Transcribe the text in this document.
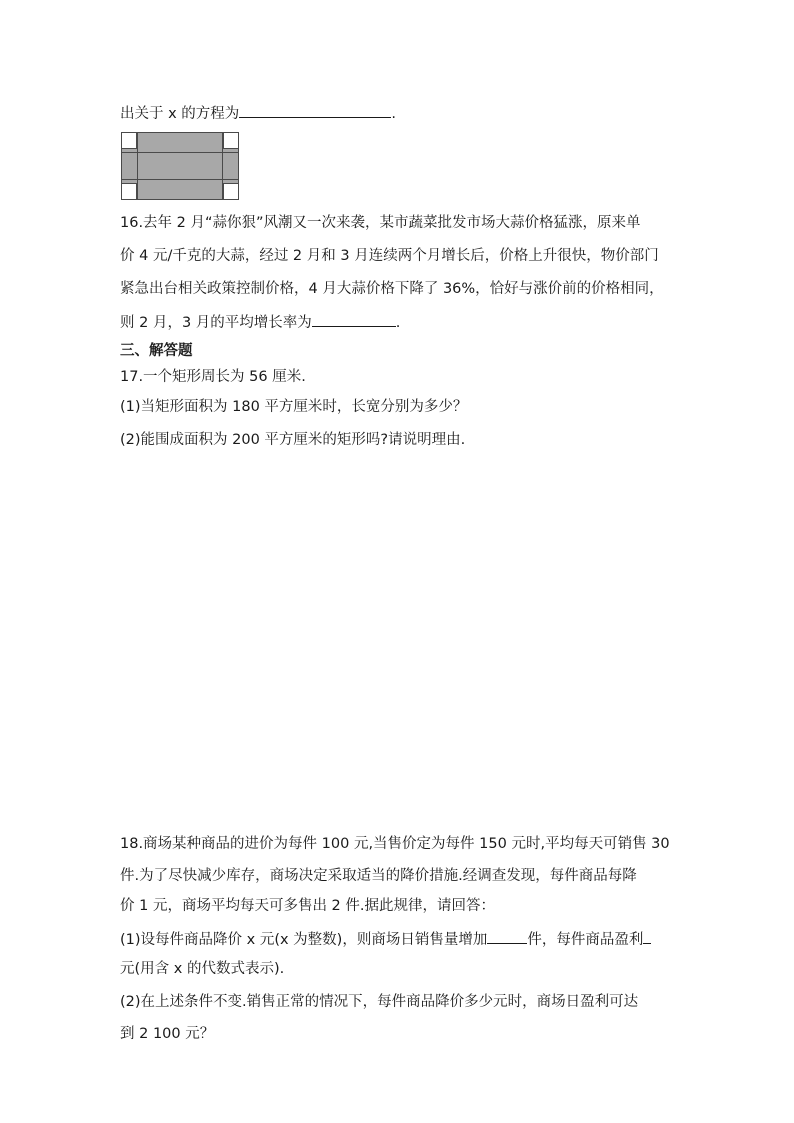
出关于 x 的方程为	.
16.去年 2 月“蒜你狠”风潮又一次来袭，某市蔬菜批发市场大蒜价格猛涨，原来单
价 4 元/千克的大蒜，经过 2 月和 3 月连续两个月增长后，价格上升很快，物价部门
紧急出台相关政策控制价格，4 月大蒜价格下降了 36%，恰好与涨价前的价格相同，
则 2 月，3 月的平均增长率为	.
三、解答题
17.一个矩形周长为 56 厘米.
(1)当矩形面积为 180 平方厘米时，长宽分别为多少？
(2)能围成面积为 200 平方厘米的矩形吗?请说明理由.
18.商场某种商品的进价为每件 100 元,当售价定为每件 150 元时,平均每天可销售 30
件.为了尽快减少库存，商场决定采取适当的降价措施.经调查发现，每件商品每降
价 1 元，商场平均每天可多售出 2 件.据此规律，请回答：
(1)设每件商品降价 x 元(x 为整数)，则商场日销售量增加	件，每件商品盈利
元(用含 x 的代数式表示).
(2)在上述条件不变.销售正常的情况下，每件商品降价多少元时，商场日盈利可达
到 2 100 元？
